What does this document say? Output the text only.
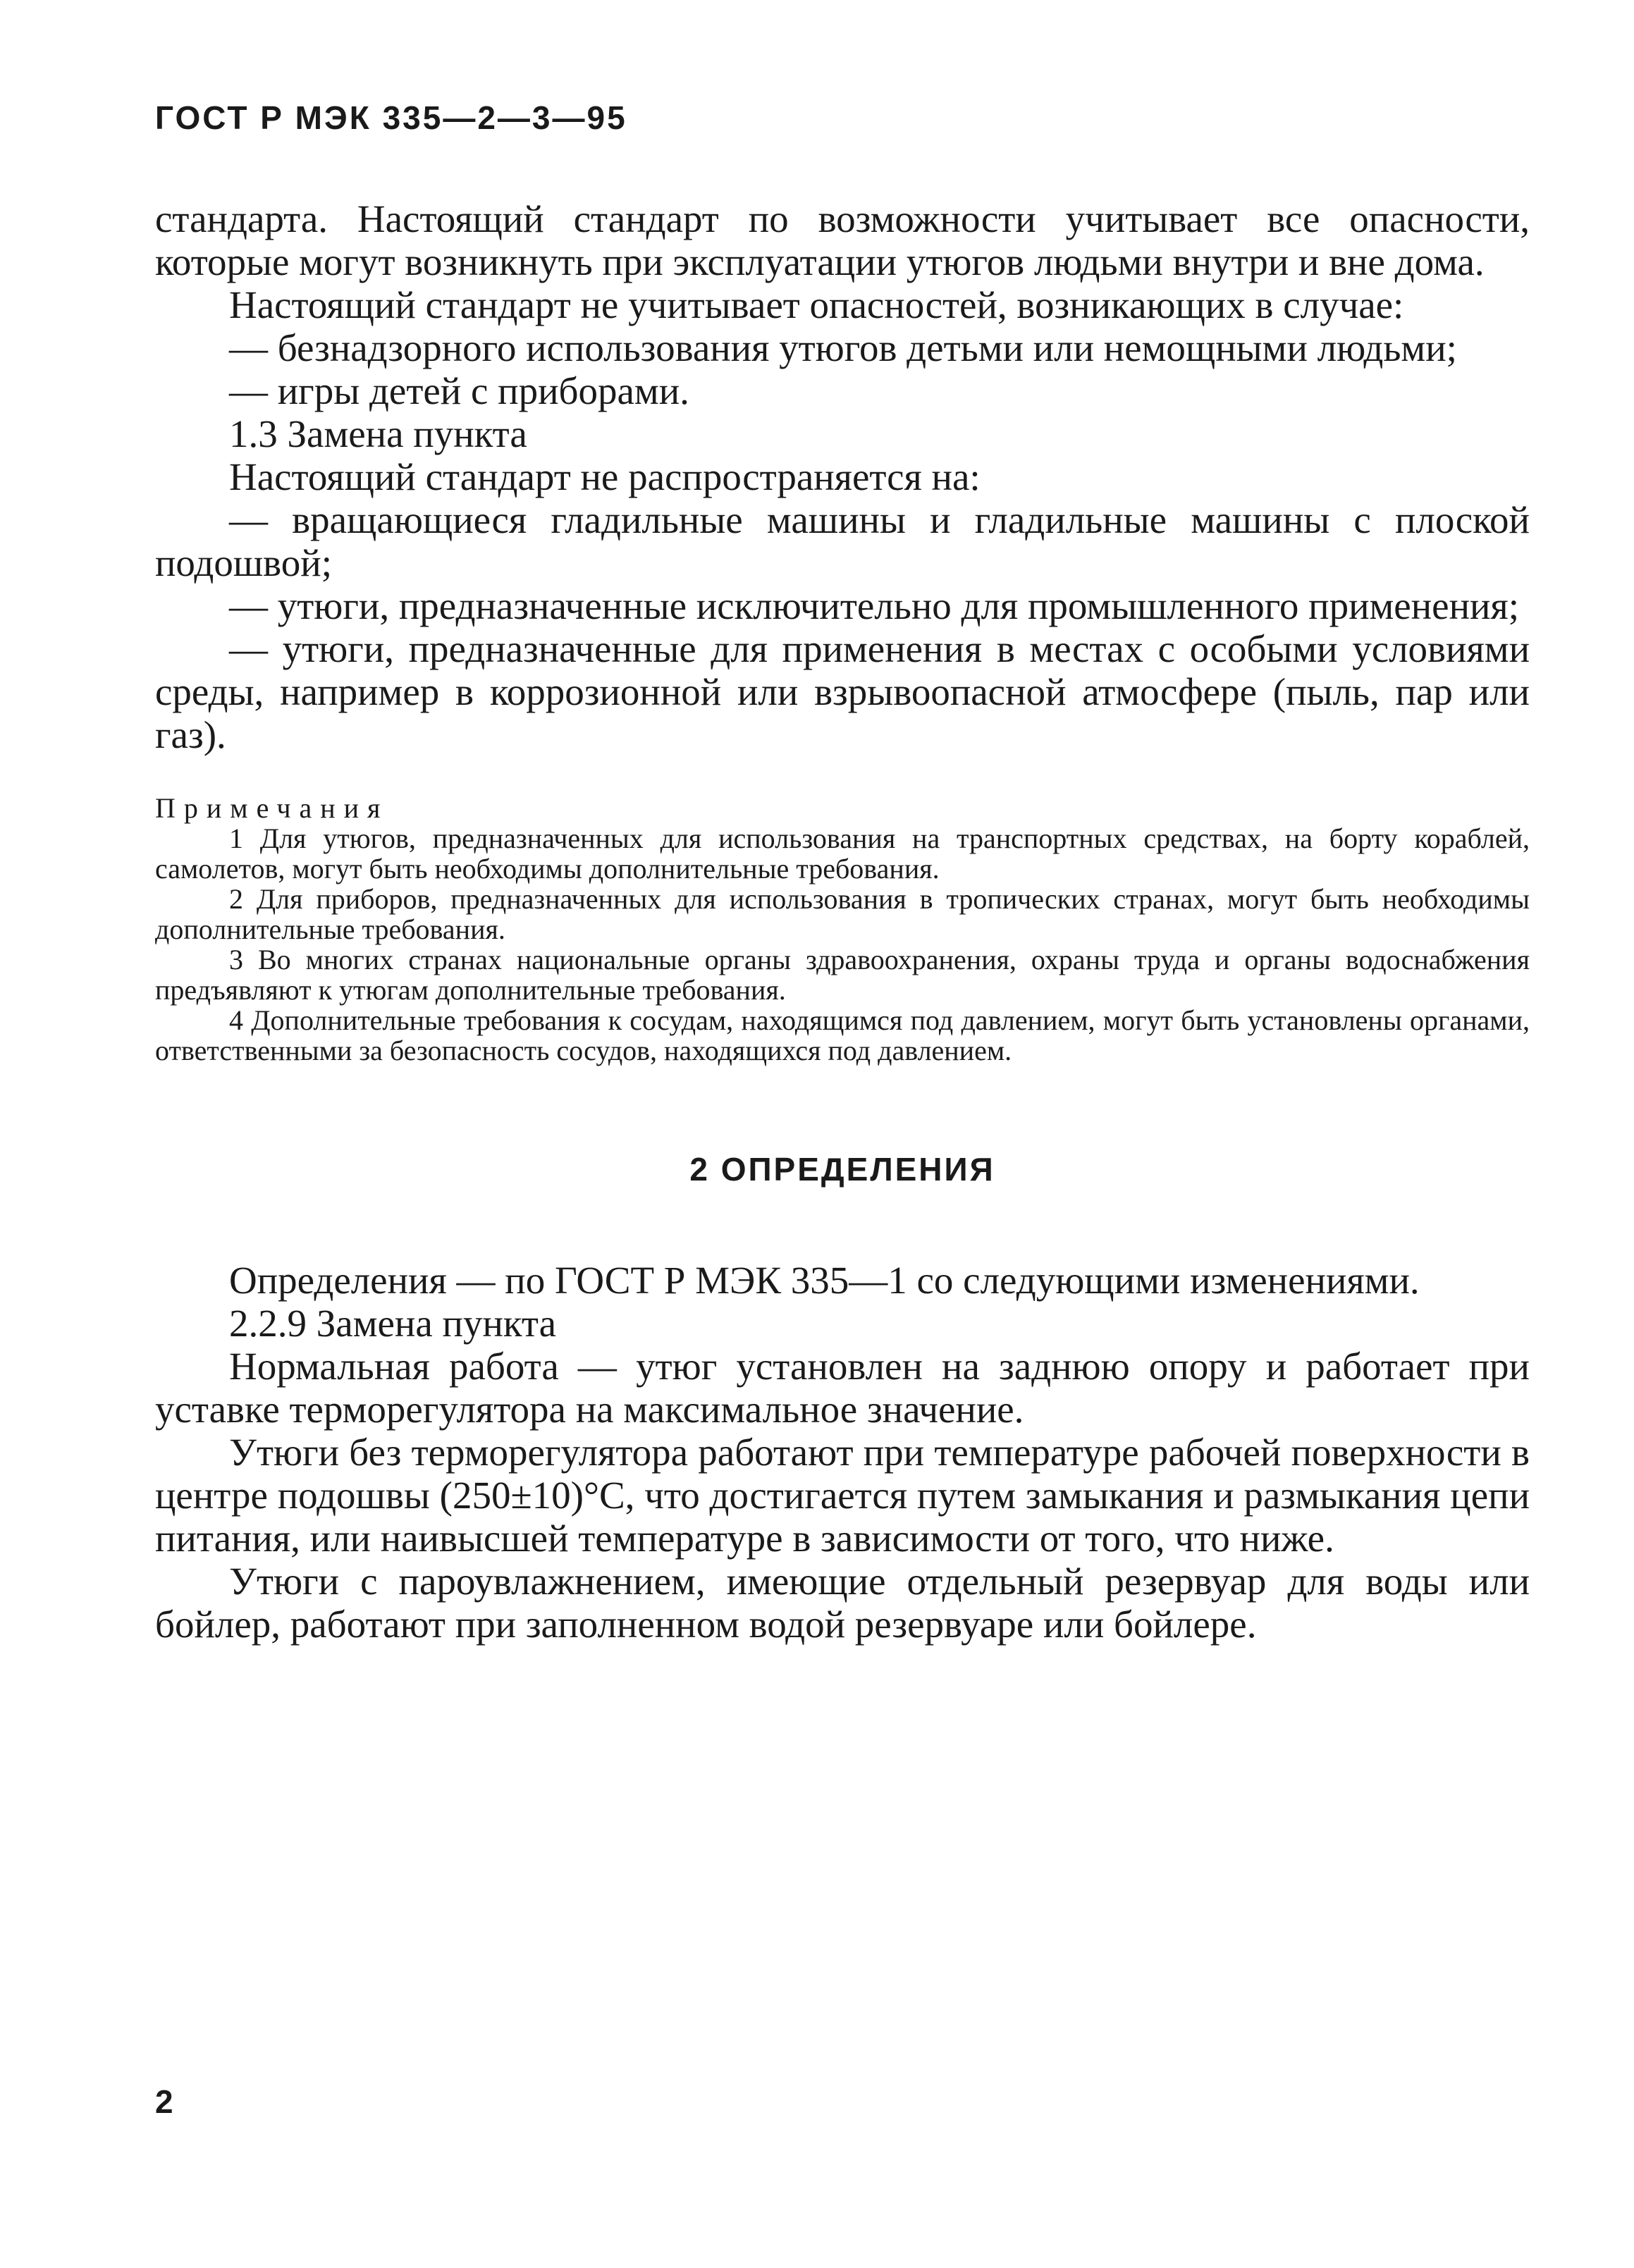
ГОСТ Р МЭК 335—2—3—95

стандарта. Настоящий стандарт по возможности учитывает все опасности, которые могут возникнуть при эксплуатации утюгов людьми внутри и вне дома.

Настоящий стандарт не учитывает опасностей, возникающих в случае:

— безнадзорного использования утюгов детьми или немощными людьми;

— игры детей с приборами.

1.3 Замена пункта

Настоящий стандарт не распространяется на:

— вращающиеся гладильные машины и гладильные машины с плоской подошвой;

— утюги, предназначенные исключительно для промышленного применения;

— утюги, предназначенные для применения в местах с особыми условиями среды, например в коррозионной или взрывоопасной атмосфере (пыль, пар или газ).

Примечания

1 Для утюгов, предназначенных для использования на транспортных средствах, на борту кораблей, самолетов, могут быть необходимы дополнительные требования.

2 Для приборов, предназначенных для использования в тропических странах, могут быть необходимы дополнительные требования.

3 Во многих странах национальные органы здравоохранения, охраны труда и органы водоснабжения предъявляют к утюгам дополнительные требования.

4 Дополнительные требования к сосудам, находящимся под давлением, могут быть установлены органами, ответственными за безопасность сосудов, находящихся под давлением.

2 ОПРЕДЕЛЕНИЯ

Определения — по ГОСТ Р МЭК 335—1 со следующими изменениями.

2.2.9 Замена пункта

Нормальная работа — утюг установлен на заднюю опору и работает при уставке терморегулятора на максимальное значение.

Утюги без терморегулятора работают при температуре рабочей поверхности в центре подошвы (250±10)°С, что достигается путем замыкания и размыкания цепи питания, или наивысшей температуре в зависимости от того, что ниже.

Утюги с пароувлажнением, имеющие отдельный резервуар для воды или бойлер, работают при заполненном водой резервуаре или бойлере.

2
